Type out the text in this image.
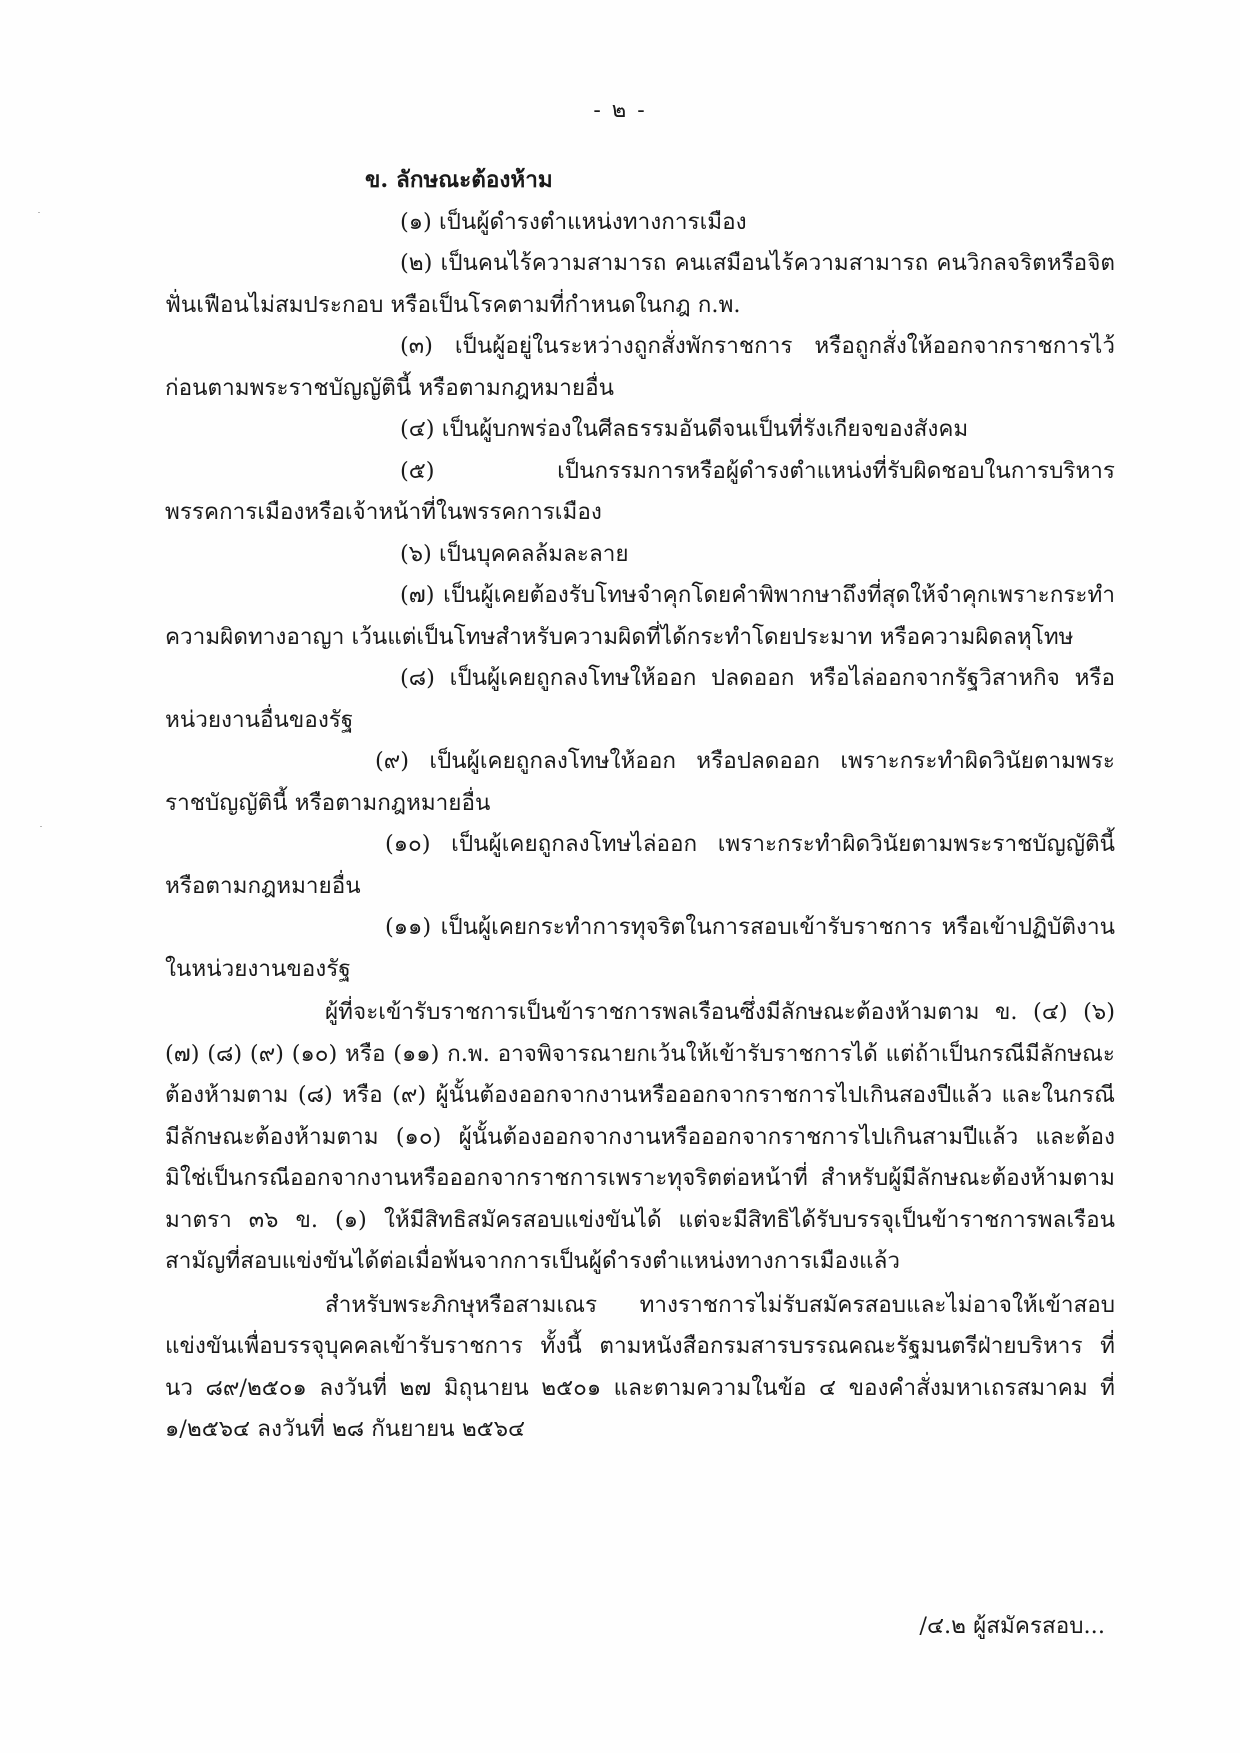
- ๒ -

ข. ลักษณะต้องห้าม

(๑) เป็นผู้ดำรงตำแหน่งทางการเมือง

(๒) เป็นคนไร้ความสามารถ คนเสมือนไร้ความสามารถ คนวิกลจริตหรือจิตฟั่นเฟือนไม่สมประกอบ หรือเป็นโรคตามที่กำหนดในกฎ ก.พ.

(๓) เป็นผู้อยู่ในระหว่างถูกสั่งพักราชการ หรือถูกสั่งให้ออกจากราชการไว้ก่อนตามพระราชบัญญัตินี้ หรือตามกฎหมายอื่น

(๔) เป็นผู้บกพร่องในศีลธรรมอันดีจนเป็นที่รังเกียจของสังคม

(๕) เป็นกรรมการหรือผู้ดำรงตำแหน่งที่รับผิดชอบในการบริหารพรรคการเมืองหรือเจ้าหน้าที่ในพรรคการเมือง

(๖) เป็นบุคคลล้มละลาย

(๗) เป็นผู้เคยต้องรับโทษจำคุกโดยคำพิพากษาถึงที่สุดให้จำคุกเพราะกระทำความผิดทางอาญา เว้นแต่เป็นโทษสำหรับความผิดที่ได้กระทำโดยประมาท หรือความผิดลหุโทษ

(๘) เป็นผู้เคยถูกลงโทษให้ออก ปลดออก หรือไล่ออกจากรัฐวิสาหกิจ หรือหน่วยงานอื่นของรัฐ

(๙) เป็นผู้เคยถูกลงโทษให้ออก หรือปลดออก เพราะกระทำผิดวินัยตามพระราชบัญญัตินี้ หรือตามกฎหมายอื่น

(๑๐) เป็นผู้เคยถูกลงโทษไล่ออก เพราะกระทำผิดวินัยตามพระราชบัญญัตินี้หรือตามกฎหมายอื่น

(๑๑) เป็นผู้เคยกระทำการทุจริตในการสอบเข้ารับราชการ หรือเข้าปฏิบัติงานในหน่วยงานของรัฐ

ผู้ที่จะเข้ารับราชการเป็นข้าราชการพลเรือนซึ่งมีลักษณะต้องห้ามตาม ข. (๔) (๖) (๗) (๘) (๙) (๑๐) หรือ (๑๑) ก.พ. อาจพิจารณายกเว้นให้เข้ารับราชการได้ แต่ถ้าเป็นกรณีมีลักษณะต้องห้ามตาม (๘) หรือ (๙) ผู้นั้นต้องออกจากงานหรือออกจากราชการไปเกินสองปีแล้ว และในกรณีมีลักษณะต้องห้ามตาม (๑๐) ผู้นั้นต้องออกจากงานหรือออกจากราชการไปเกินสามปีแล้ว และต้องมิใช่เป็นกรณีออกจากงานหรือออกจากราชการเพราะทุจริตต่อหน้าที่ สำหรับผู้มีลักษณะต้องห้ามตามมาตรา ๓๖ ข. (๑) ให้มีสิทธิสมัครสอบแข่งขันได้ แต่จะมีสิทธิได้รับบรรจุเป็นข้าราชการพลเรือนสามัญที่สอบแข่งขันได้ต่อเมื่อพ้นจากการเป็นผู้ดำรงตำแหน่งทางการเมืองแล้ว

สำหรับพระภิกษุหรือสามเณร ทางราชการไม่รับสมัครสอบและไม่อาจให้เข้าสอบแข่งขันเพื่อบรรจุบุคคลเข้ารับราชการ ทั้งนี้ ตามหนังสือกรมสารบรรณคณะรัฐมนตรีฝ่ายบริหาร ที่ นว ๘๙/๒๕๐๑ ลงวันที่ ๒๗ มิถุนายน ๒๕๐๑ และตามความในข้อ ๔ ของคำสั่งมหาเถรสมาคม ที่ ๑/๒๕๖๔ ลงวันที่ ๒๘ กันยายน ๒๕๖๔

/๔.๒ ผู้สมัครสอบ...
